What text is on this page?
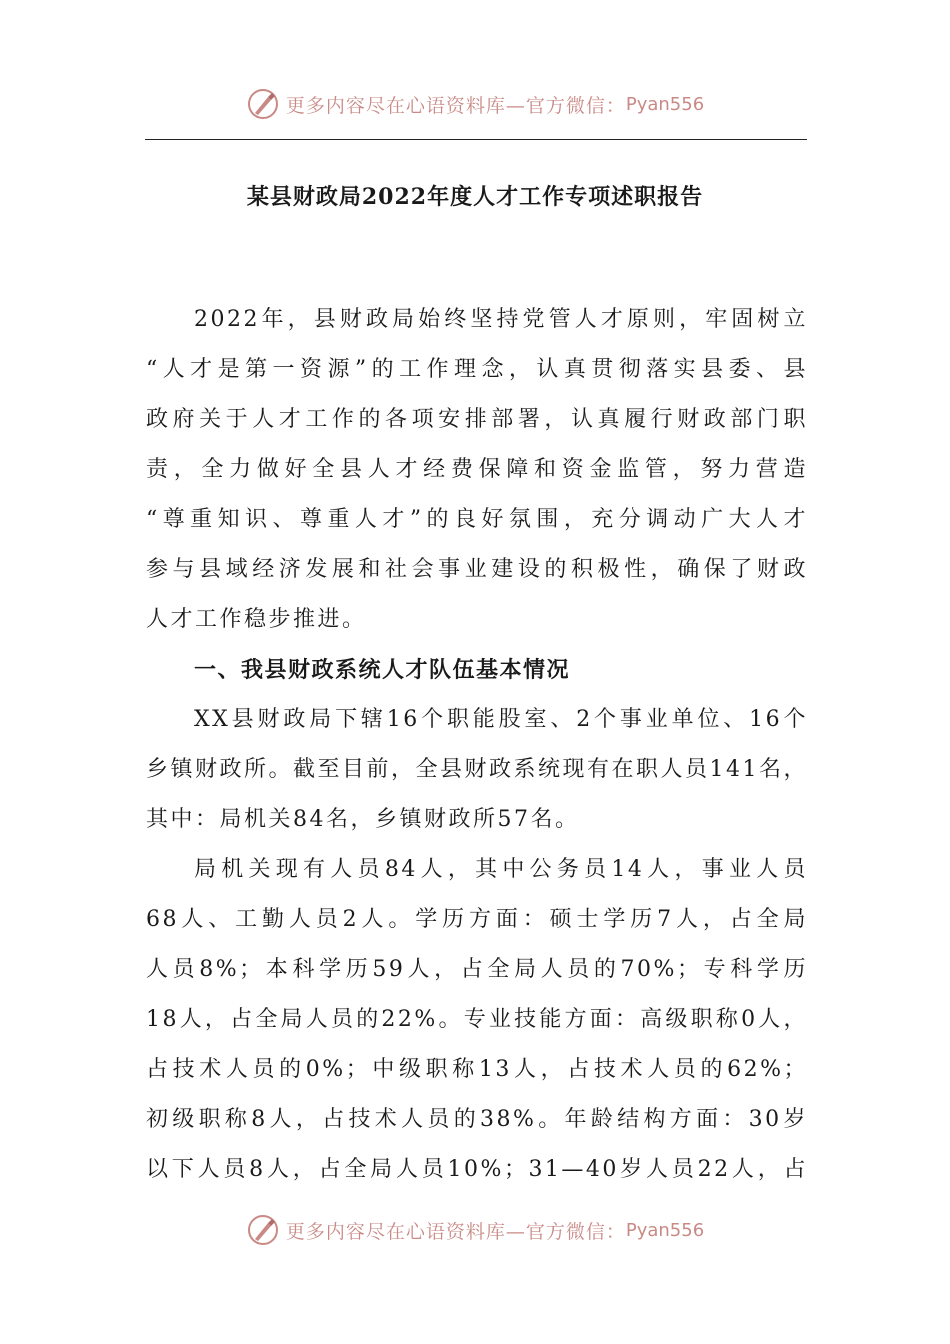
更多内容尽在心语资料库—官方微信： Pyan556
某县财政局2022年度人才工作专项述职报告
2022年，县财政局始终坚持党管人才原则，牢固树立
“人才是第一资源”的工作理念，认真贯彻落实县委、县
政府关于人才工作的各项安排部署，认真履行财政部门职
责，全力做好全县人才经费保障和资金监管，努力营造
“尊重知识、尊重人才”的良好氛围，充分调动广大人才
参与县域经济发展和社会事业建设的积极性，确保了财政
人才工作稳步推进。
一、我县财政系统人才队伍基本情况
XX县财政局下辖16个职能股室、2个事业单位、16个
乡镇财政所。截至目前，全县财政系统现有在职人员141名，
其中：局机关84名，乡镇财政所57名。
局机关现有人员84人，其中公务员14人，事业人员
68人、工勤人员2人。学历方面：硕士学历7人，占全局
人员8%；本科学历59人，占全局人员的70%；专科学历
18人，占全局人员的22%。专业技能方面：高级职称0人，
占技术人员的0%；中级职称13人，占技术人员的62%；
初级职称8人，占技术人员的38%。年龄结构方面：30岁
以下人员8人，占全局人员10%；31—40岁人员22人，占
更多内容尽在心语资料库—官方微信： Pyan556
